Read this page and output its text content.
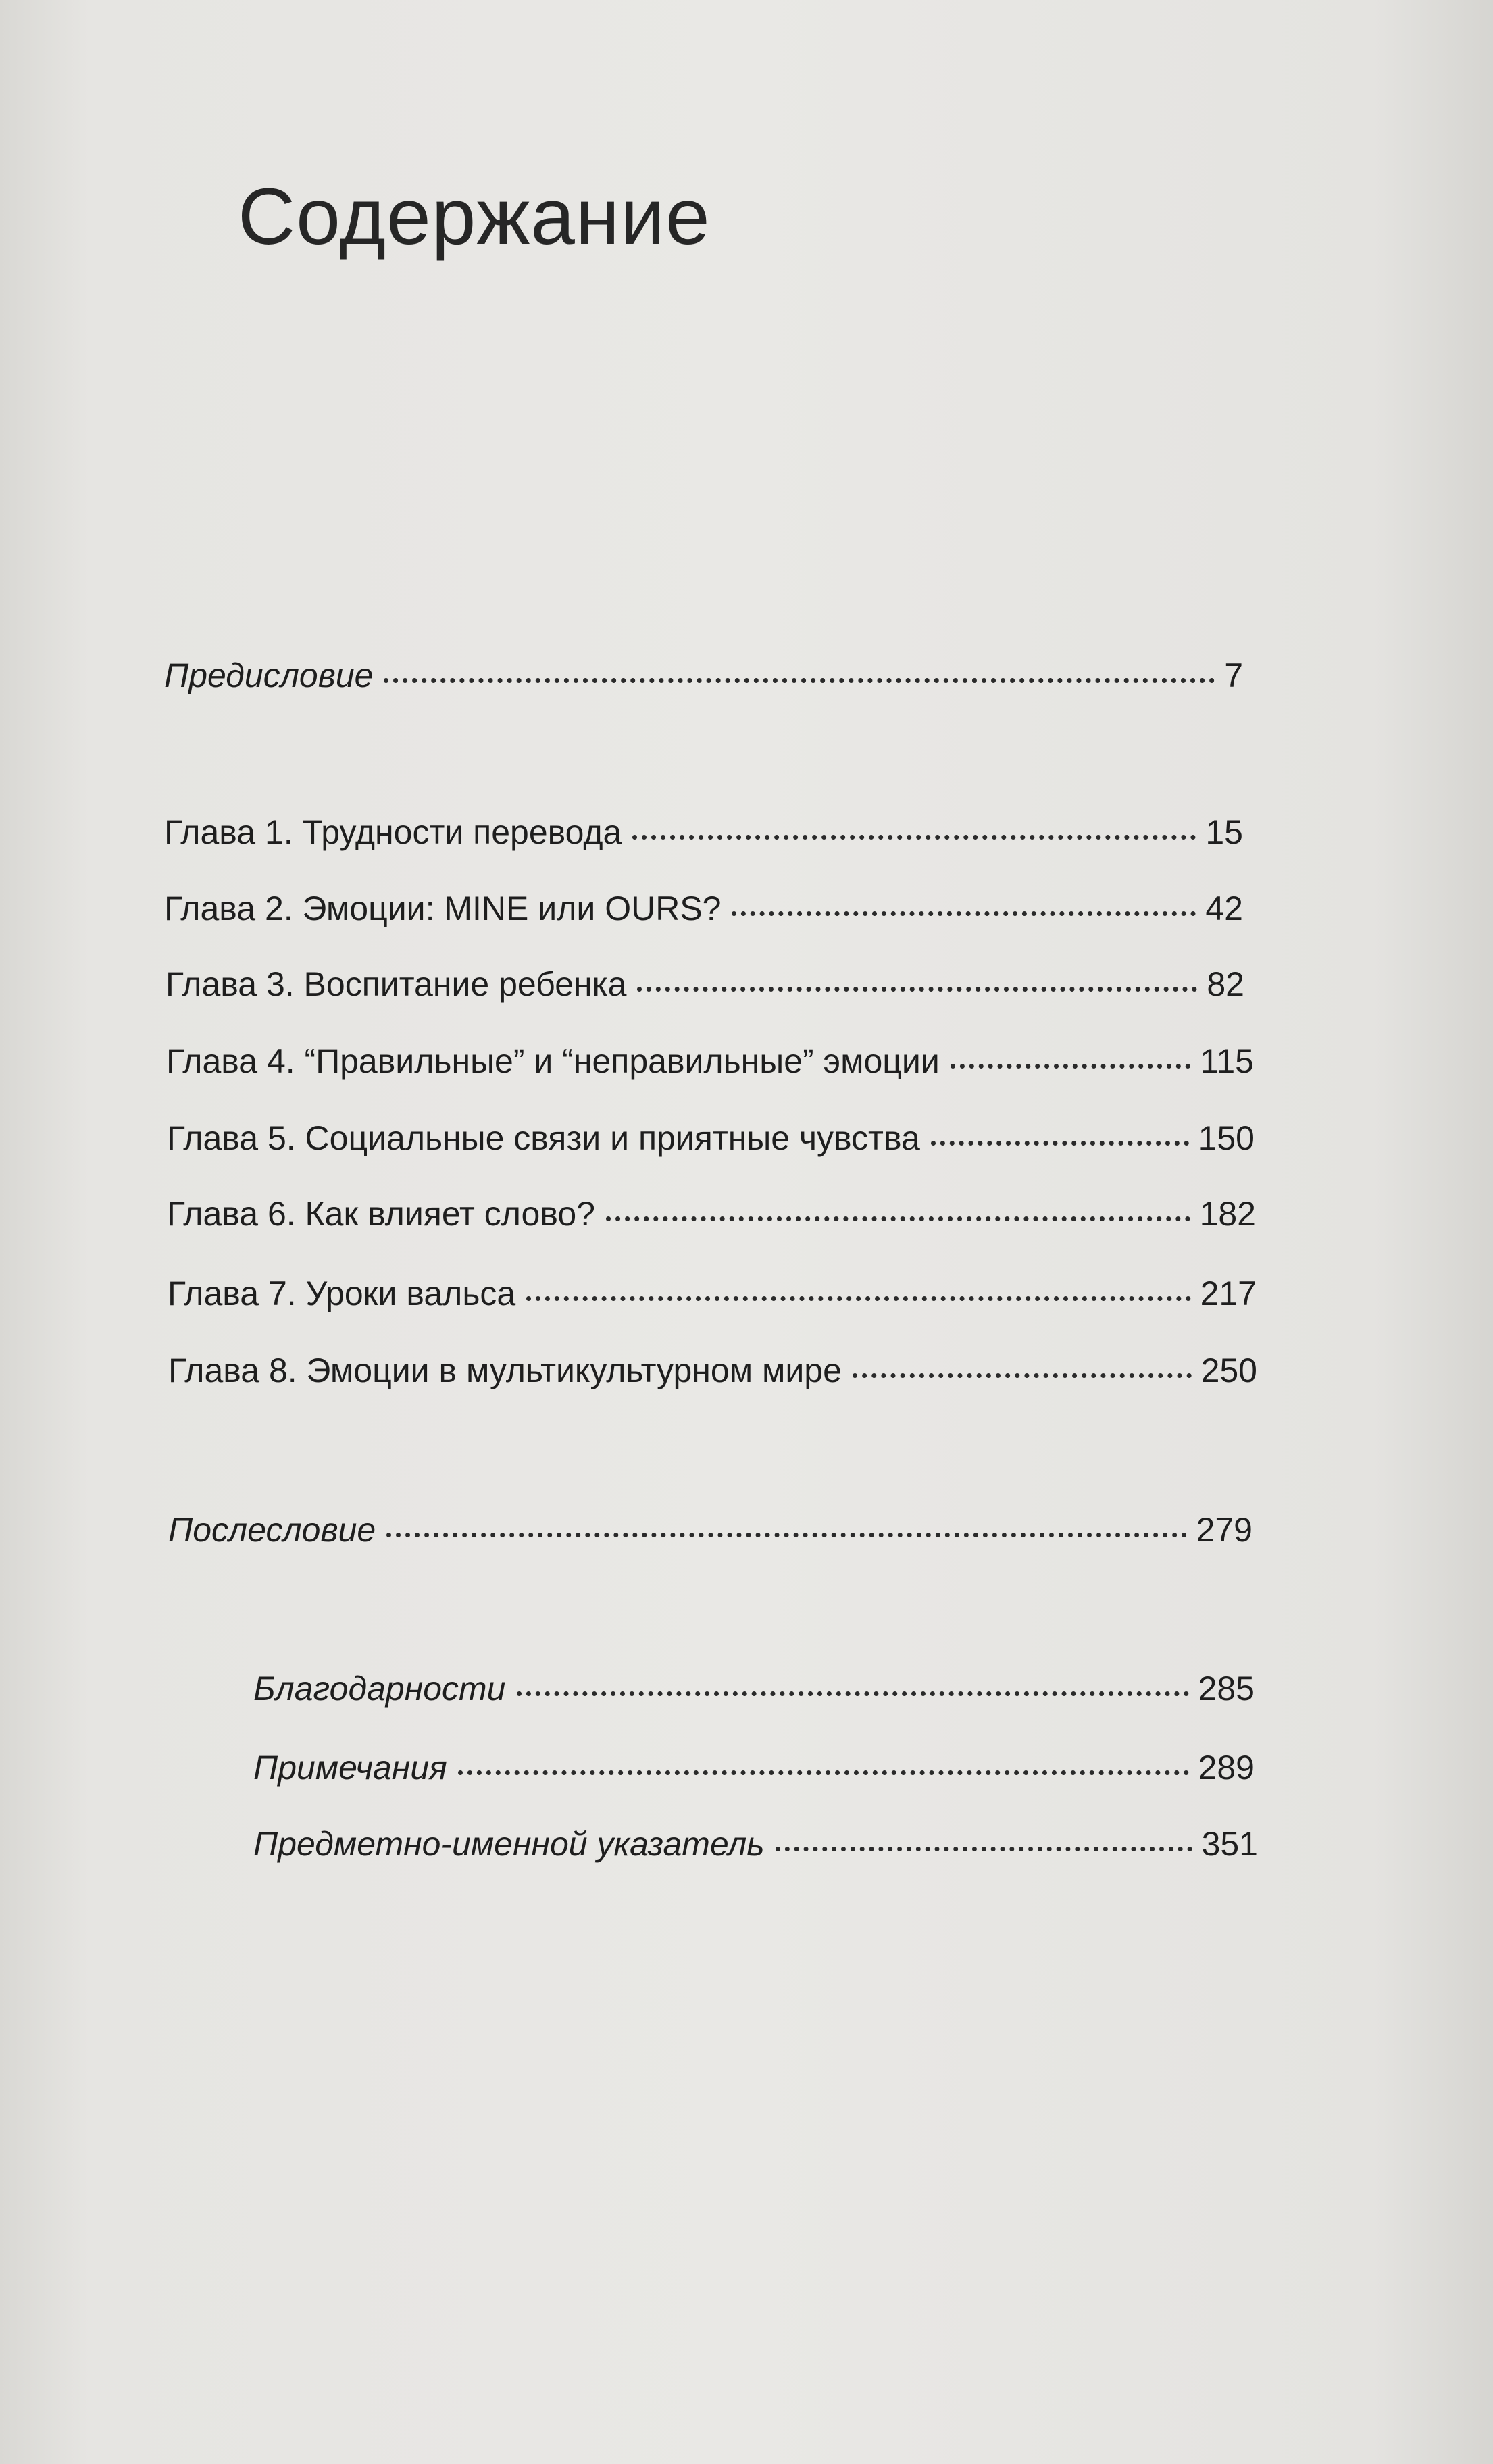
Содержание
Предисловие	7
Глава 1. Трудности перевода	15
Глава 2. Эмоции: MINE или OURS?	42
Глава 3. Воспитание ребенка	82
Глава 4. “Правильные” и “неправильные” эмоции	115
Глава 5. Социальные связи и приятные чувства	150
Глава 6. Как влияет слово?	182
Глава 7. Уроки вальса	217
Глава 8. Эмоции в мультикультурном мире	250
Послесловие	279
Благодарности	285
Примечания	289
Предметно-именной указатель	351
